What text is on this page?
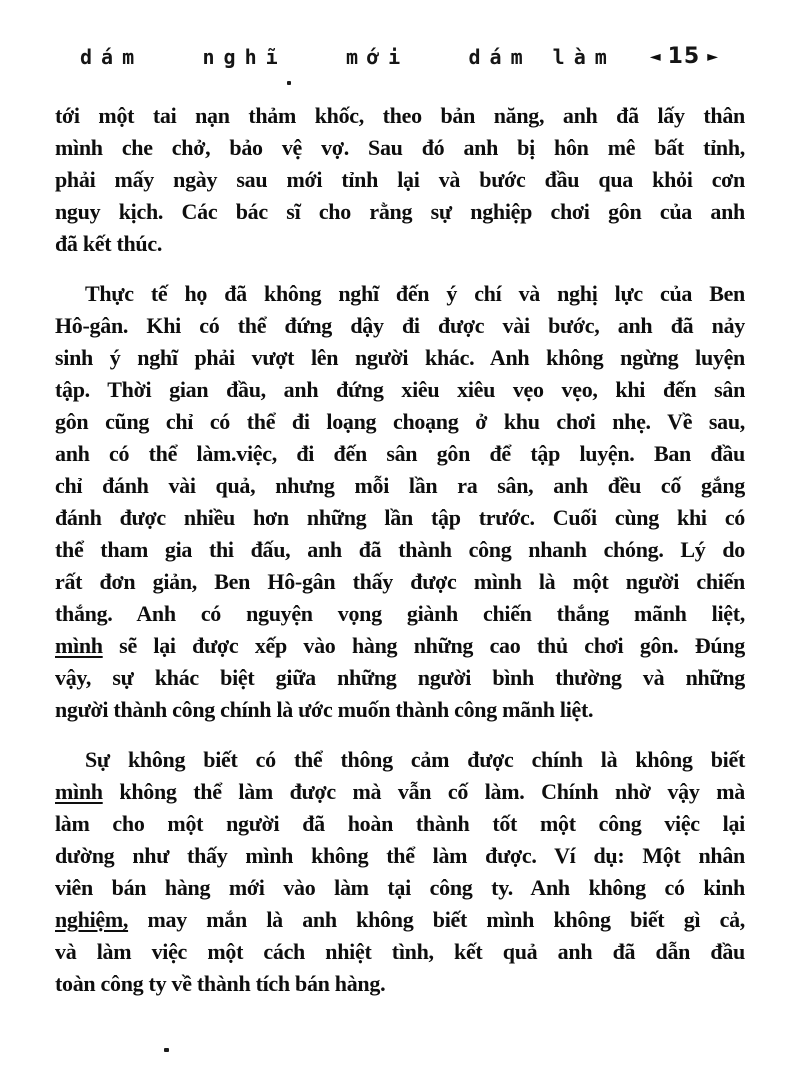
dám	nghĩ	mới	dám làm ◄ 15 ►
tới một tai nạn thảm khốc, theo bản năng, anh đã lấy thân
mình che chở, bảo vệ vợ. Sau đó anh bị hôn mê bất tỉnh,
phải mấy ngày sau mới tỉnh lại và bước đầu qua khỏi cơn
nguy kịch. Các bác sĩ cho rằng sự nghiệp chơi gôn của anh
đã kết thúc.
Thực tế họ đã không nghĩ đến ý chí và nghị lực của Ben
Hô-gân. Khi có thể đứng dậy đi được vài bước, anh đã nảy
sinh ý nghĩ phải vượt lên người khác. Anh không ngừng luyện
tập. Thời gian đầu, anh đứng xiêu xiêu vẹo vẹo, khi đến sân
gôn cũng chỉ có thể đi loạng choạng ở khu chơi nhẹ. Về sau,
anh có thể làm.việc, đi đến sân gôn để tập luyện. Ban đầu
chỉ đánh vài quả, nhưng mỗi lần ra sân, anh đều cố gắng
đánh được nhiều hơn những lần tập trước. Cuối cùng khi có
thể tham gia thi đấu, anh đã thành công nhanh chóng. Lý do
rất đơn giản, Ben Hô-gân thấy được mình là một người chiến
thắng. Anh có nguyện vọng giành chiến thắng mãnh liệt,
mình sẽ lại được xếp vào hàng những cao thủ chơi gôn. Đúng
vậy, sự khác biệt giữa những người bình thường và những
người thành công chính là ước muốn thành công mãnh liệt.
Sự không biết có thể thông cảm được chính là không biết
mình không thể làm được mà vẫn cố làm. Chính nhờ vậy mà
làm cho một người đã hoàn thành tốt một công việc lại
dường như thấy mình không thể làm được. Ví dụ: Một nhân
viên bán hàng mới vào làm tại công ty. Anh không có kinh
nghiệm, may mắn là anh không biết mình không biết gì cả,
và làm việc một cách nhiệt tình, kết quả anh đã dẫn đầu
toàn công ty về thành tích bán hàng.
